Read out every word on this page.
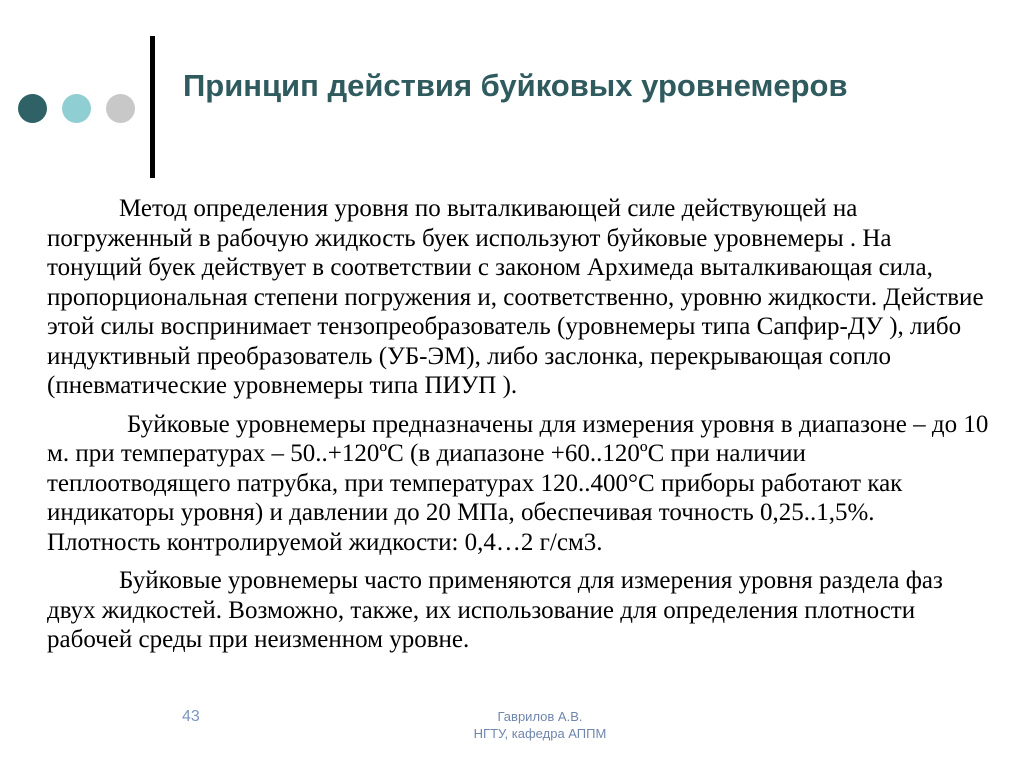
Принцип действия буйковых уровнемеров

Метод определения уровня по выталкивающей силе действующей на погруженный в рабочую жидкость буек используют буйковые уровнемеры . На тонущий буек действует в соответствии с законом Архимеда выталкивающая сила, пропорциональная степени погружения и, соответственно, уровню жидкости. Действие этой силы воспринимает тензопреобразователь (уровнемеры типа Сапфир-ДУ ), либо индуктивный преобразователь (УБ-ЭМ), либо заслонка, перекрывающая сопло (пневматические уровнемеры типа ПИУП ).

Буйковые уровнемеры предназначены для измерения уровня в диапазоне – до 10 м. при температурах – 50..+120ºС (в диапазоне +60..120ºС при наличии теплоотводящего патрубка, при температурах 120..400°С приборы работают как индикаторы уровня) и давлении до 20 МПа, обеспечивая точность 0,25..1,5%. Плотность контролируемой жидкости: 0,4…2 г/см3.

Буйковые уровнемеры часто применяются для измерения уровня раздела фаз двух жидкостей. Возможно, также, их использование для определения плотности рабочей среды при неизменном уровне.

43	Гаврилов А.В.
НГТУ, кафедра АППМ
